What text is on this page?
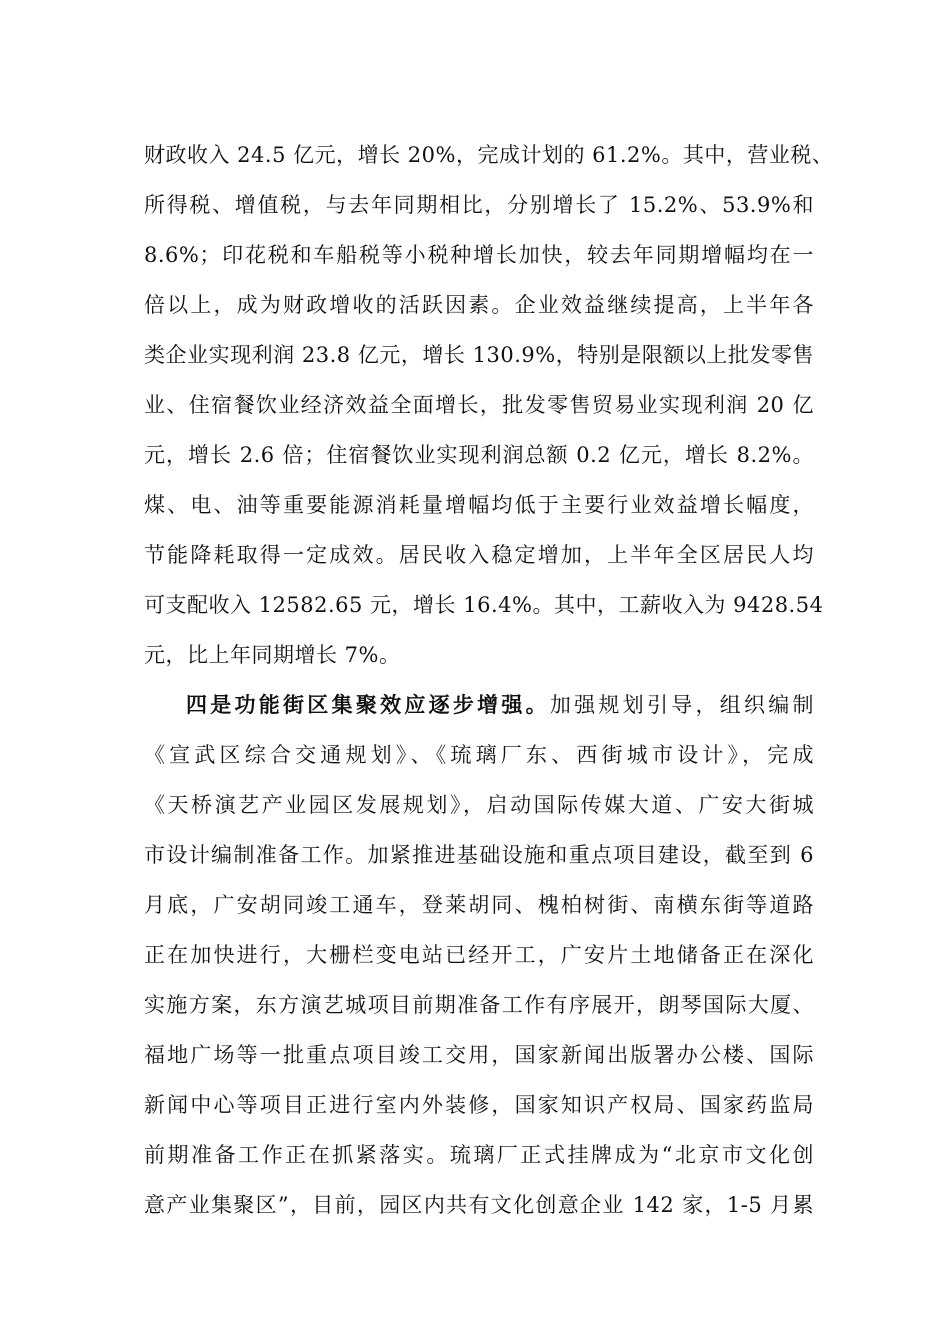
财政收入 24.5 亿元，增长 20%，完成计划的 61.2%。其中，营业税、
所得税、增值税，与去年同期相比，分别增长了 15.2%、53.9%和
8.6%；印花税和车船税等小税种增长加快，较去年同期增幅均在一
倍以上，成为财政增收的活跃因素。企业效益继续提高，上半年各
类企业实现利润 23.8 亿元，增长 130.9%，特别是限额以上批发零售
业、住宿餐饮业经济效益全面增长，批发零售贸易业实现利润 20 亿
元，增长 2.6 倍；住宿餐饮业实现利润总额 0.2 亿元，增长 8.2%。
煤、电、油等重要能源消耗量增幅均低于主要行业效益增长幅度，
节能降耗取得一定成效。居民收入稳定增加，上半年全区居民人均
可支配收入 12582.65 元，增长 16.4%。其中，工薪收入为 9428.54
元，比上年同期增长 7%。
四是功能街区集聚效应逐步增强。加强规划引导，组织编制
《宣武区综合交通规划》、《琉璃厂东、西街城市设计》，完成
《天桥演艺产业园区发展规划》，启动国际传媒大道、广安大街城
市设计编制准备工作。加紧推进基础设施和重点项目建设，截至到 6
月底，广安胡同竣工通车，登莱胡同、槐柏树街、南横东街等道路
正在加快进行，大栅栏变电站已经开工，广安片土地储备正在深化
实施方案，东方演艺城项目前期准备工作有序展开，朗琴国际大厦、
福地广场等一批重点项目竣工交用，国家新闻出版署办公楼、国际
新闻中心等项目正进行室内外装修，国家知识产权局、国家药监局
前期准备工作正在抓紧落实。琉璃厂正式挂牌成为“北京市文化创
意产业集聚区”，目前，园区内共有文化创意企业 142 家，1-5 月累
